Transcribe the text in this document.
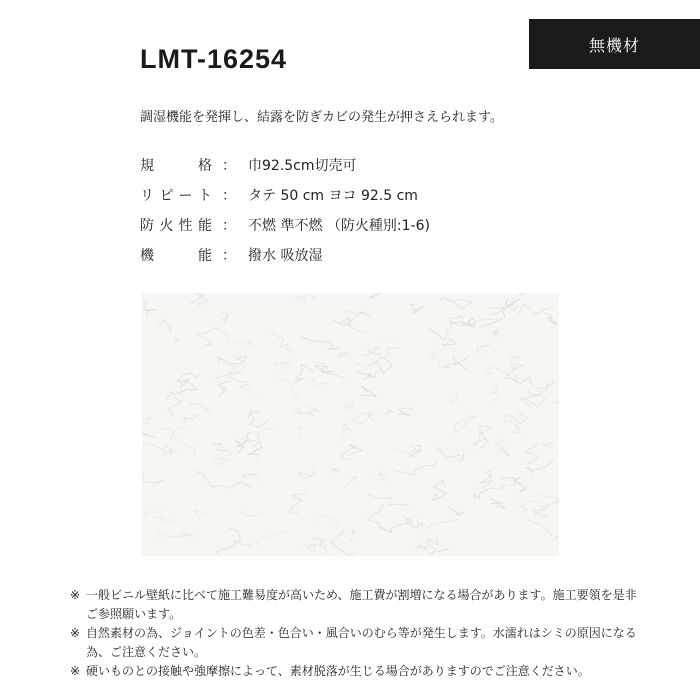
無機材
LMT-16254
調湿機能を発揮し、結露を防ぎカビの発生が押さえられます。
規格 ： 巾92.5cm切売可
リピート ： タテ 50 cm ヨコ 92.5 cm
防火性能 ： 不燃 準不燃 （防火種別:1-6)
機能 ： 撥水 吸放湿
※ 一般ビニル壁紙に比べて施工難易度が高いため、施工費が割増になる場合があります。施工要領を是非ご参照願います。
※ 自然素材の為、ジョイントの色差・色合い・風合いのむら等が発生します。水濡れはシミの原因になる為、ご注意ください。
※ 硬いものとの接触や強摩擦によって、素材脱落が生じる場合がありますのでご注意ください。
